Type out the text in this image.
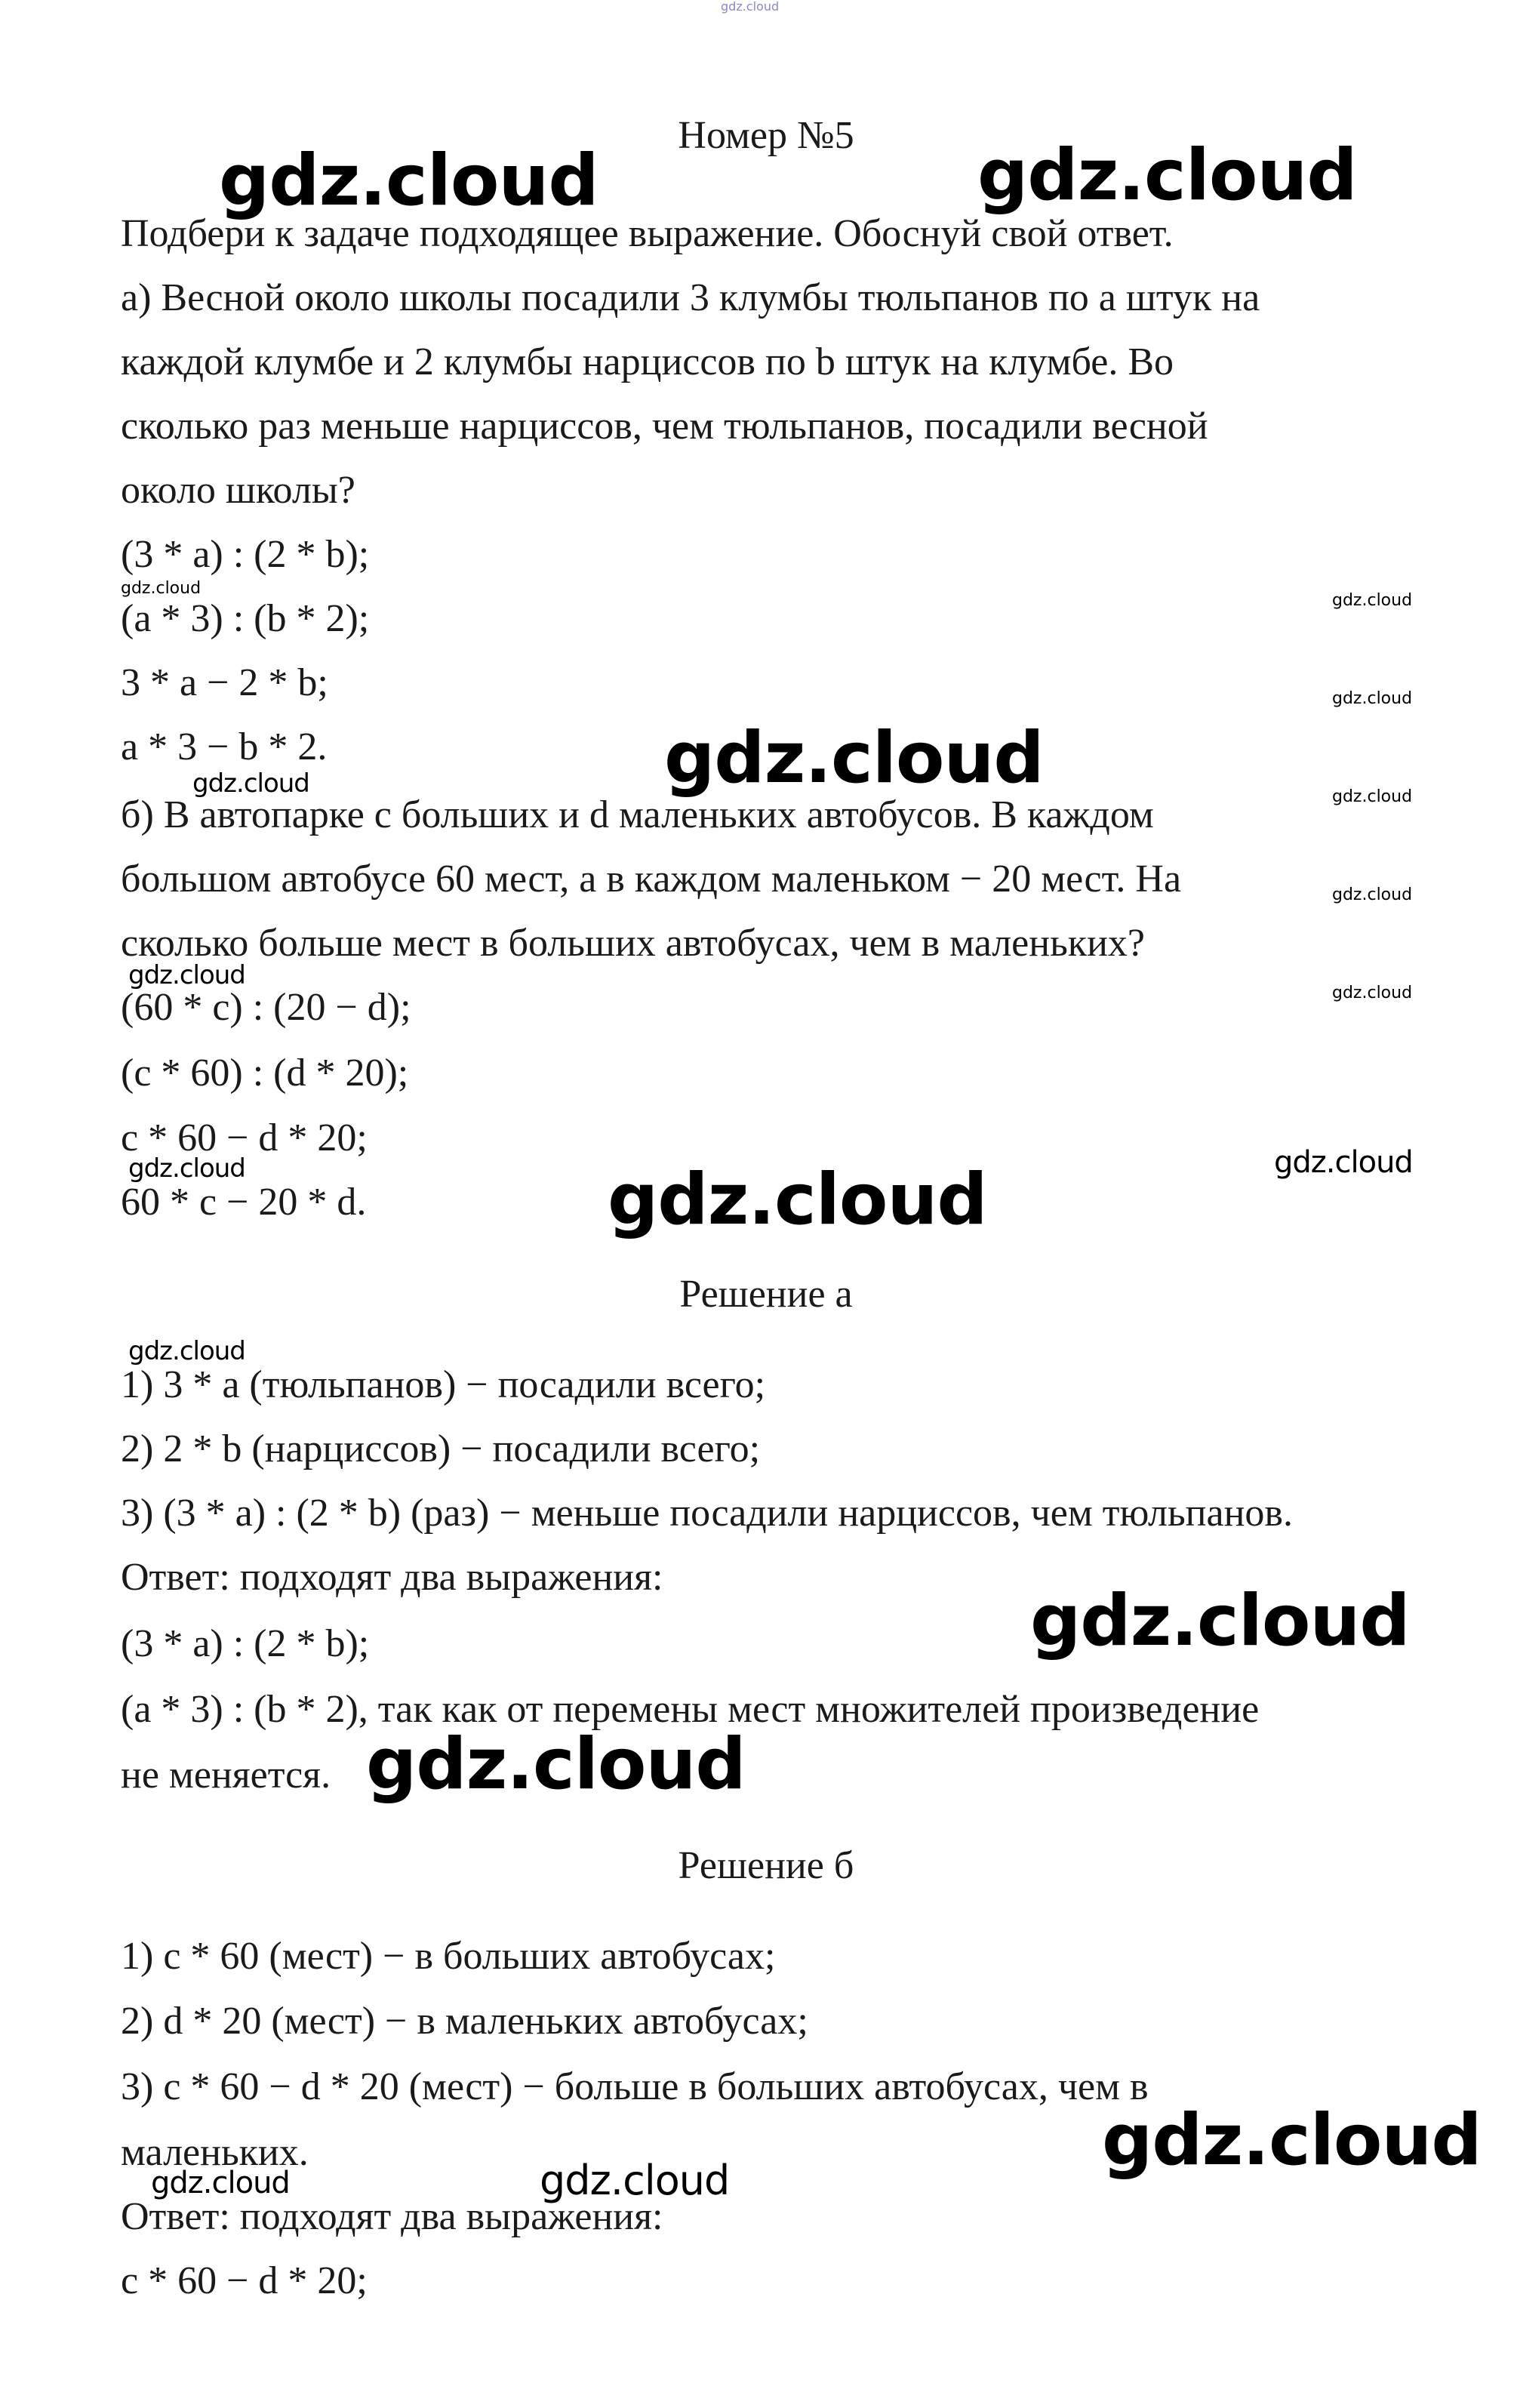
gdz.cloud
gdz.cloud	gdz.cloud
gdz.cloud
gdz.cloud
gdz.cloud
gdz.cloud	gdz.cloud
gdz.cloud
gdz.cloud
gdz.cloud
gdz.cloud
gdz.cloud
gdz.cloud	gdz.cloud
gdz.cloud
gdz.cloud
gdz.cloud
gdz.cloud
gdz.cloud	gdz.cloud

Номер №5

Подбери к задаче подходящее выражение. Обоснуй свой ответ.

а) Весной около школы посадили 3 клумбы тюльпанов по а штук на

каждой клумбе и 2 клумбы нарциссов по b штук на клумбе. Во

сколько раз меньше нарциссов, чем тюльпанов, посадили весной

около школы?

(3 * a) : (2 * b);

(a * 3) : (b * 2);

3 * a − 2 * b;

a * 3 − b * 2.

б) В автопарке с больших и d маленьких автобусов. В каждом

большом автобусе 60 мест, а в каждом маленьком − 20 мест. На

сколько больше мест в больших автобусах, чем в маленьких?

(60 * c) : (20 − d);

(c * 60) : (d * 20);

c * 60 − d * 20;

60 * c − 20 * d.

Решение а

1) 3 * a (тюльпанов) − посадили всего;

2) 2 * b (нарциссов) − посадили всего;

3) (3 * a) : (2 * b) (раз) − меньше посадили нарциссов, чем тюльпанов.

Ответ: подходят два выражения:

(3 * a) : (2 * b);

(a * 3) : (b * 2), так как от перемены мест множителей произведение

не меняется.

Решение б

1) c * 60 (мест) − в больших автобусах;

2) d * 20 (мест) − в маленьких автобусах;

3) c * 60 − d * 20 (мест) − больше в больших автобусах, чем в

маленьких.

Ответ: подходят два выражения:

c * 60 − d * 20;
